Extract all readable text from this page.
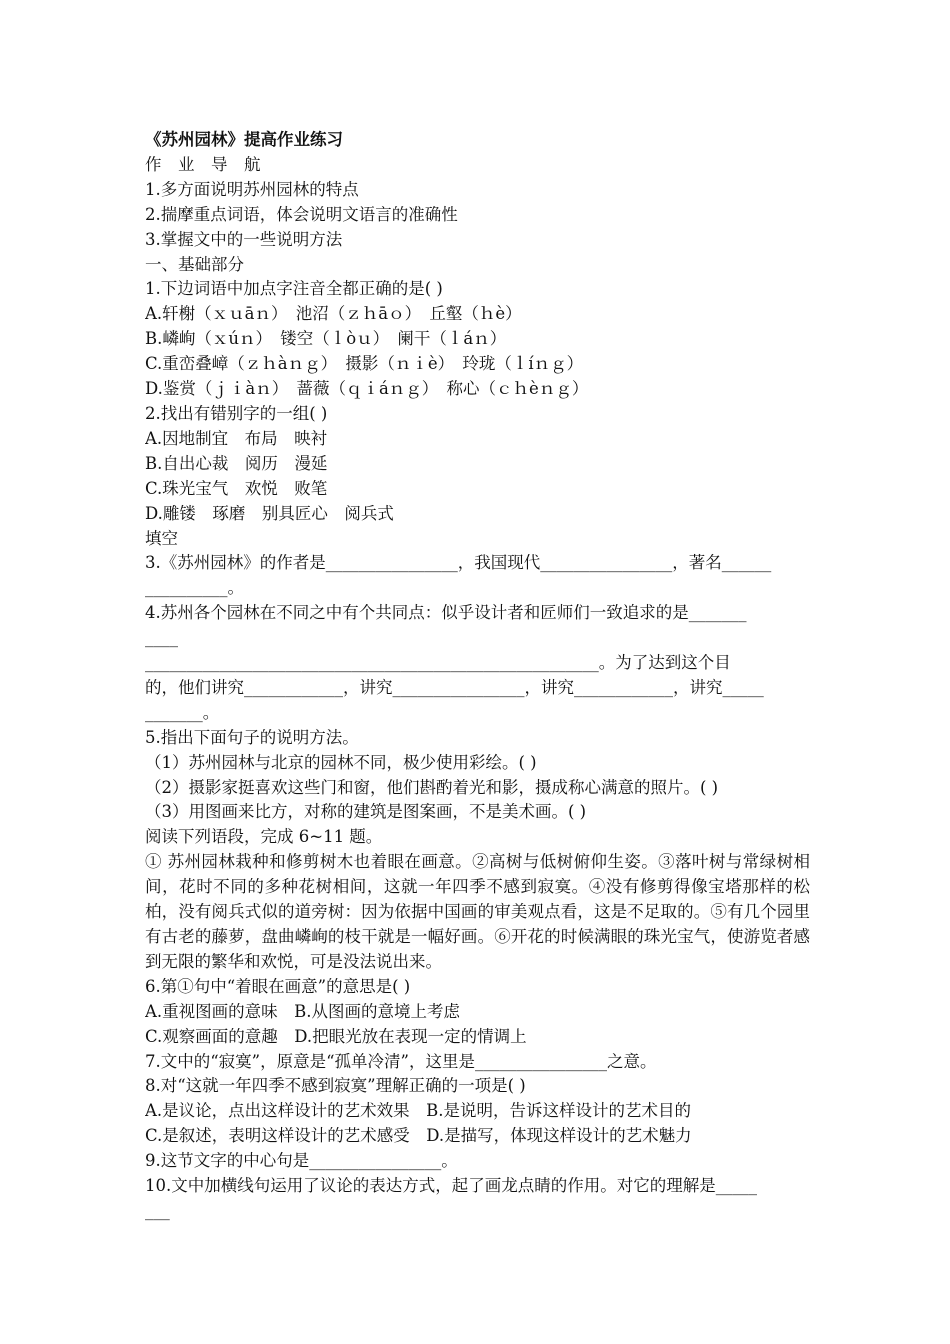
《苏州园林》提高作业练习
作　业　导　航
1.多方面说明苏州园林的特点
2.揣摩重点词语，体会说明文语言的准确性
3.掌握文中的一些说明方法
一、基础部分
1.下边词语中加点字注音全都正确的是( )
A.轩榭（ｘｕāｎ）　池沼（ｚｈāｏ）　丘壑（ｈè）
B.嶙峋（ｘúｎ）　镂空（ｌòｕ）　阑干（ｌáｎ）
C.重峦叠嶂（ｚｈàｎｇ）　摄影（ｎｉè）　玲珑（ｌíｎｇ）
D.鉴赏（ｊｉàｎ）　蔷薇（ｑｉáｎｇ）　称心（ｃｈèｎｇ）
2.找出有错别字的一组( )
A.因地制宜　布局　映衬
B.自出心裁　阅历　漫延
C.珠光宝气　欢悦　败笔
D.雕镂　琢磨　别具匠心　阅兵式
填空
3.《苏州园林》的作者是________________，我国现代________________，著名______
__________。
4.苏州各个园林在不同之中有个共同点：似乎设计者和匠师们一致追求的是_______
____
_______________________________________________________。为了达到这个目
的，他们讲究____________，讲究________________，讲究____________，讲究_____
_______。
5.指出下面句子的说明方法。
（1）苏州园林与北京的园林不同，极少使用彩绘。( )
（2）摄影家挺喜欢这些门和窗，他们斟酌着光和影，摄成称心满意的照片。( )
（3）用图画来比方，对称的建筑是图案画，不是美术画。( )
阅读下列语段，完成 6~11 题。
① 苏州园林栽种和修剪树木也着眼在画意。②高树与低树俯仰生姿。③落叶树与常绿树相间，花时不同的多种花树相间，这就一年四季不感到寂寞。④没有修剪得像宝塔那样的松柏，没有阅兵式似的道旁树：因为依据中国画的审美观点看，这是不足取的。⑤有几个园里有古老的藤萝，盘曲嶙峋的枝干就是一幅好画。⑥开花的时候满眼的珠光宝气，使游览者感到无限的繁华和欢悦，可是没法说出来。
6.第①句中“着眼在画意”的意思是( )
A.重视图画的意味　B.从图画的意境上考虑
C.观察画面的意趣　D.把眼光放在表现一定的情调上
7.文中的“寂寞”，原意是“孤单冷清”，这里是________________之意。
8.对“这就一年四季不感到寂寞”理解正确的一项是( )
A.是议论，点出这样设计的艺术效果　B.是说明，告诉这样设计的艺术目的
C.是叙述，表明这样设计的艺术感受　D.是描写，体现这样设计的艺术魅力
9.这节文字的中心句是________________。
10.文中加横线句运用了议论的表达方式，起了画龙点睛的作用。对它的理解是_____
___
